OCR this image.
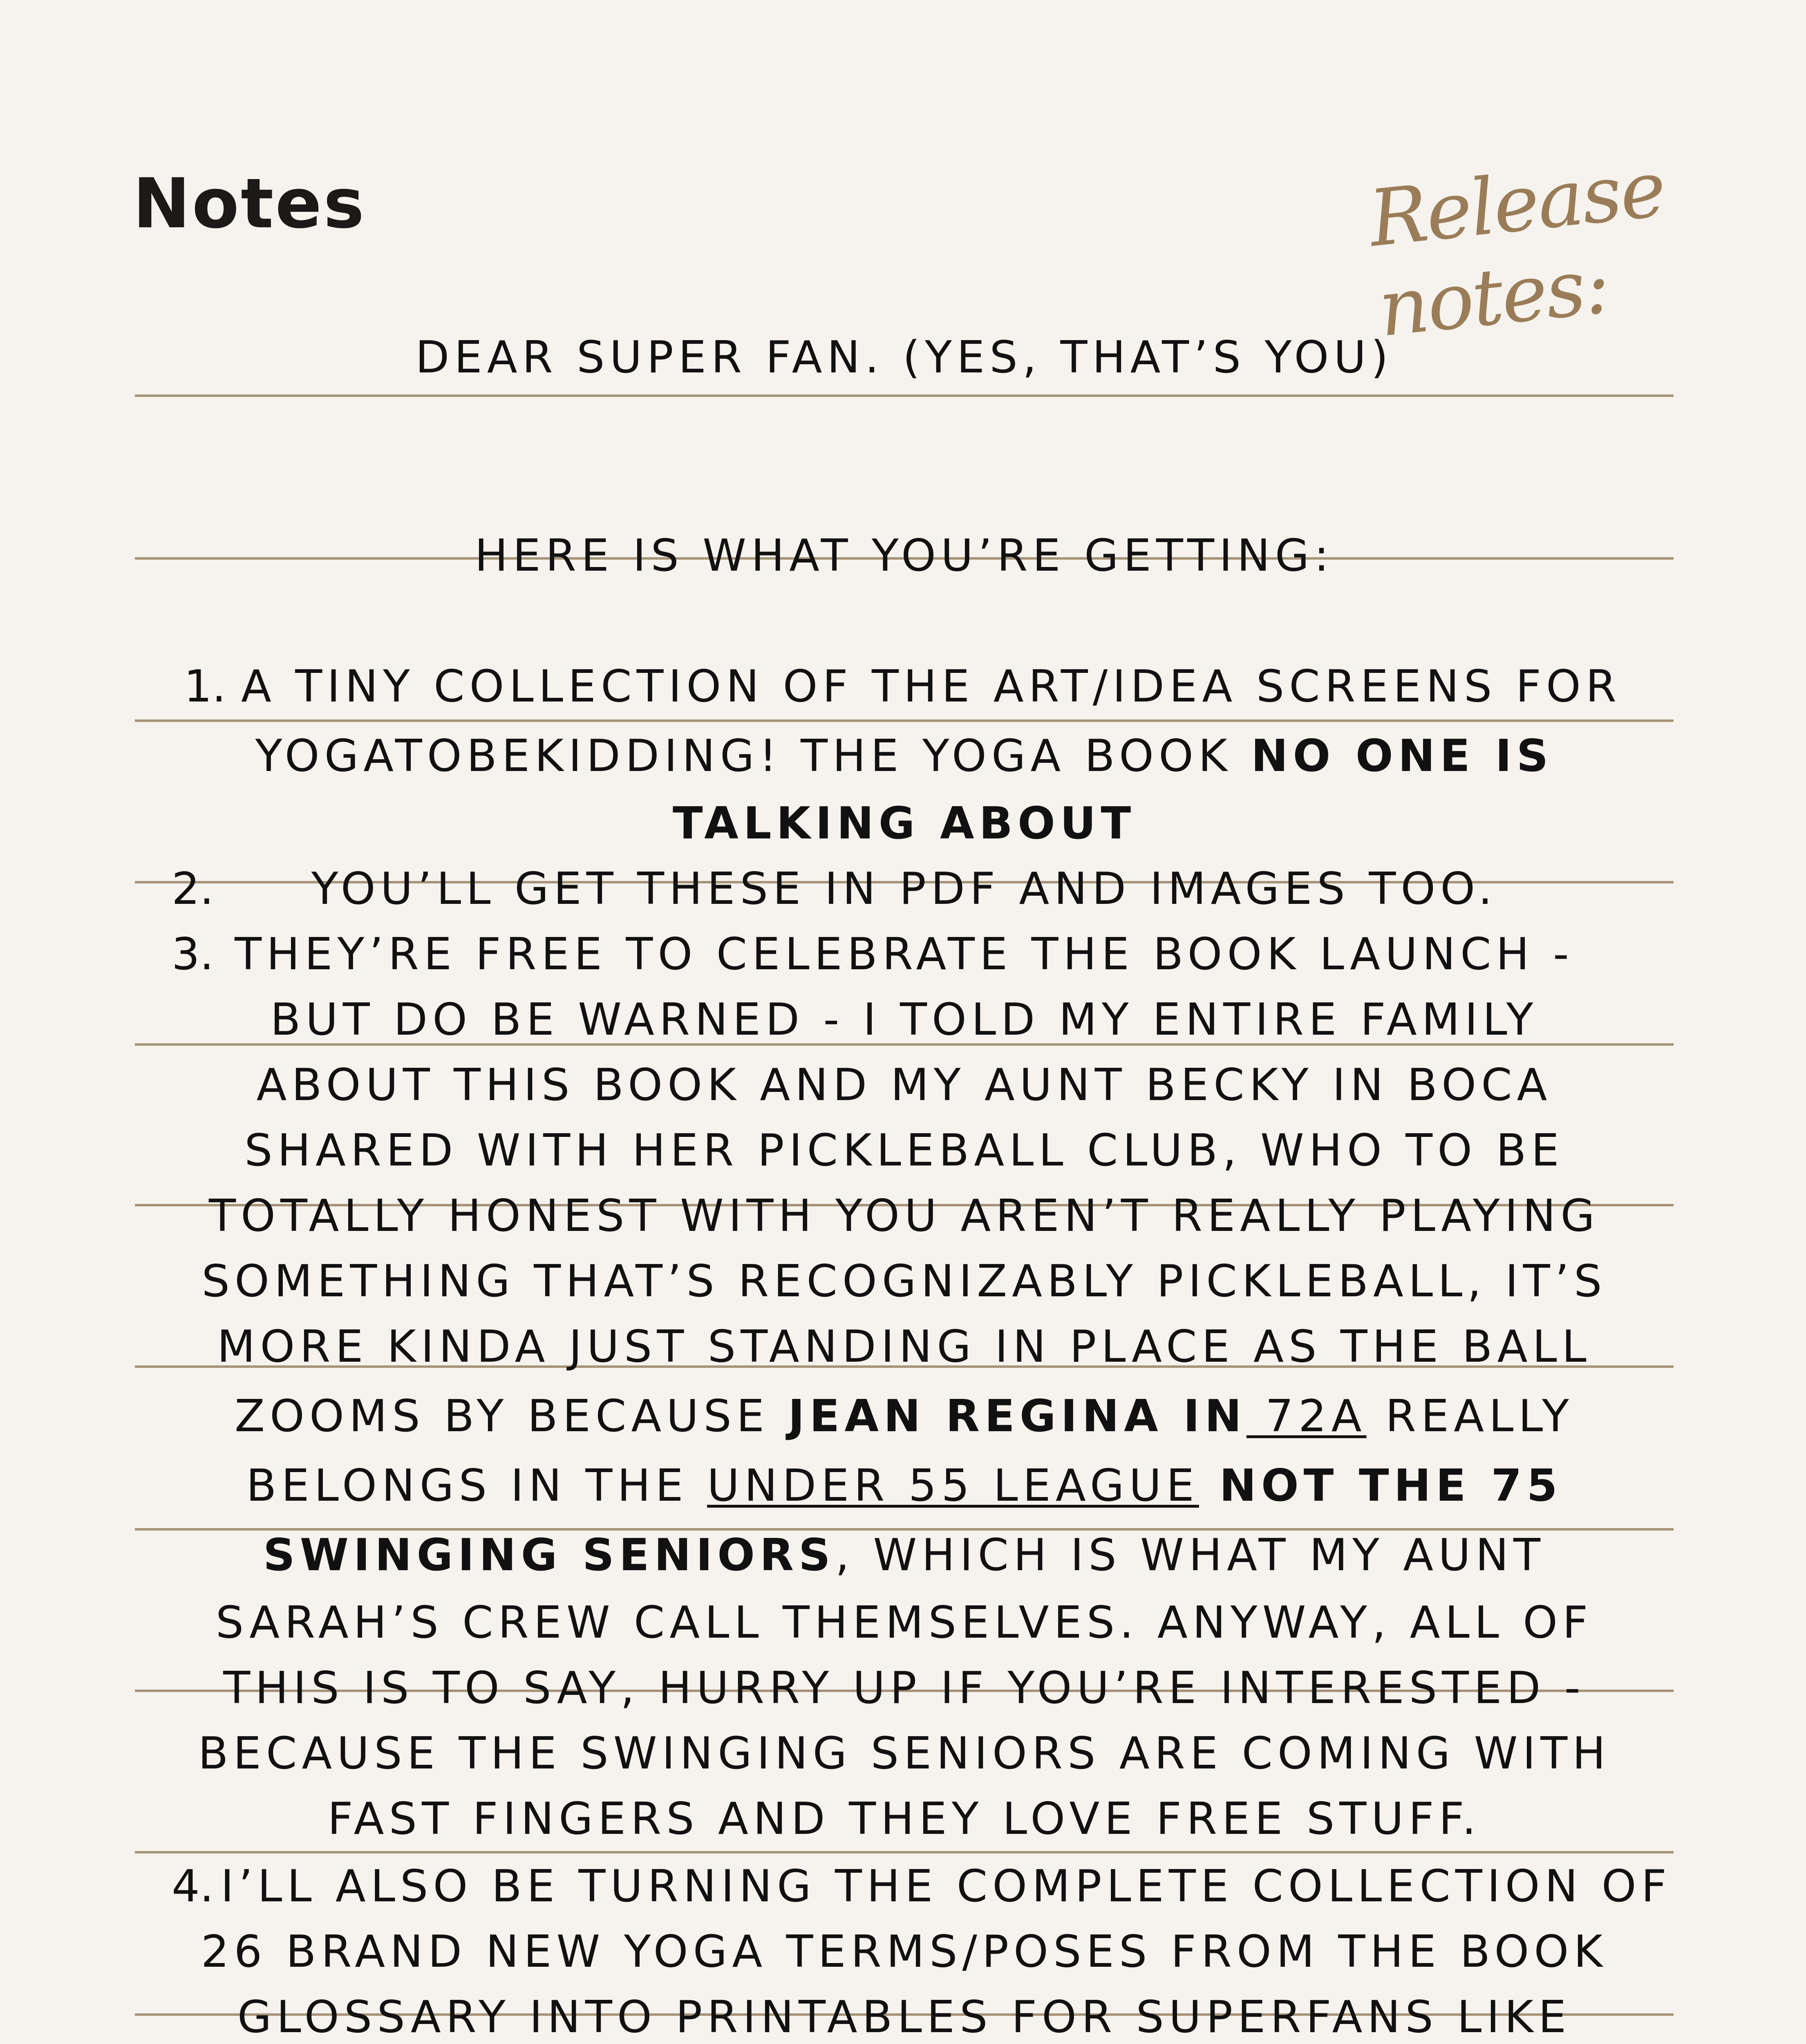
Notes	Release notes:
DEAR SUPER FAN. (YES, THAT’S YOU)
HERE IS WHAT YOU’RE GETTING:
1.
2.
3.
4.
A TINY COLLECTION OF THE ART/IDEA SCREENS FOR
YOGATOBEKIDDING! THE YOGA BOOK NO ONE IS
TALKING ABOUT
YOU’LL GET THESE IN PDF AND IMAGES TOO.
THEY’RE FREE TO CELEBRATE THE BOOK LAUNCH -
BUT DO BE WARNED - I TOLD MY ENTIRE FAMILY
ABOUT THIS BOOK AND MY AUNT BECKY IN BOCA
SHARED WITH HER PICKLEBALL CLUB, WHO TO BE
TOTALLY HONEST WITH YOU AREN’T REALLY PLAYING
SOMETHING THAT’S RECOGNIZABLY PICKLEBALL, IT’S
MORE KINDA JUST STANDING IN PLACE AS THE BALL
ZOOMS BY BECAUSE JEAN REGINA IN 72A REALLY
BELONGS IN THE UNDER 55 LEAGUE NOT THE 75
SWINGING SENIORS, WHICH IS WHAT MY AUNT
SARAH’S CREW CALL THEMSELVES. ANYWAY, ALL OF
THIS IS TO SAY, HURRY UP IF YOU’RE INTERESTED -
BECAUSE THE SWINGING SENIORS ARE COMING WITH
FAST FINGERS AND THEY LOVE FREE STUFF.
I’LL ALSO BE TURNING THE COMPLETE COLLECTION OF
26 BRAND NEW YOGA TERMS/POSES FROM THE BOOK
GLOSSARY INTO PRINTABLES FOR SUPERFANS LIKE
